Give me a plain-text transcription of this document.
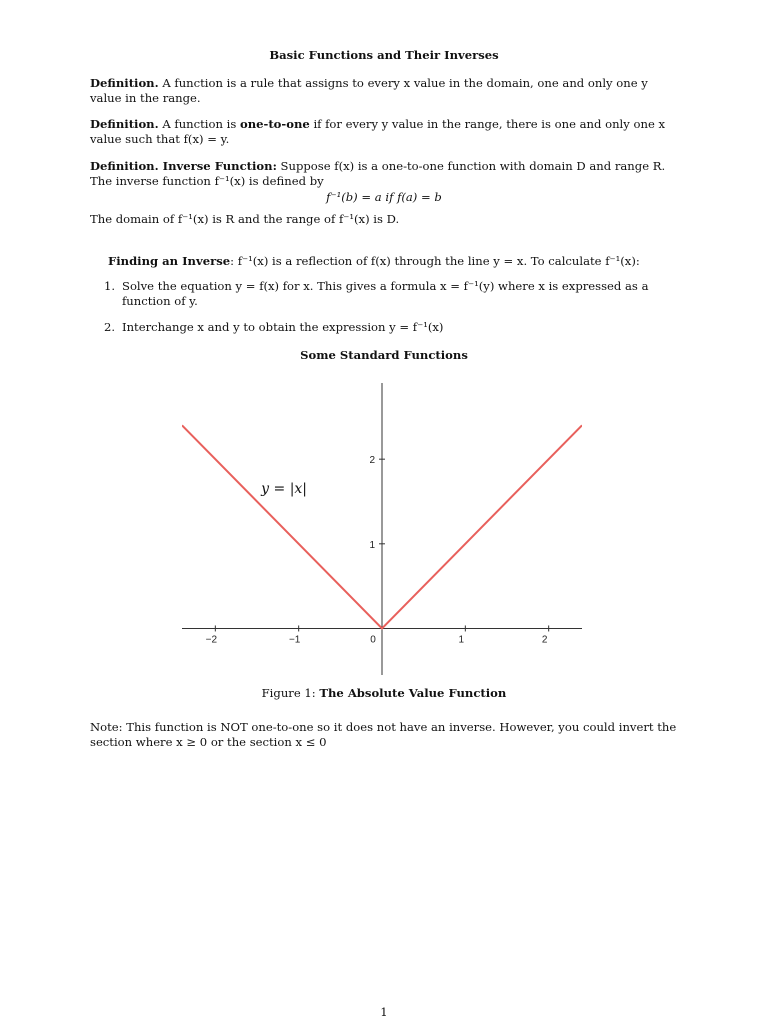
Basic Functions and Their Inverses

Definition. A function is a rule that assigns to every x value in the domain, one and only one y value in the range.

Definition. A function is one-to-one if for every y value in the range, there is one and only one x value such that f(x) = y.

Definition. Inverse Function: Suppose f(x) is a one-to-one function with domain D and range R. The inverse function f⁻¹(x) is defined by

f⁻¹(b) = a if f(a) = b

The domain of f⁻¹(x) is R and the range of f⁻¹(x) is D.

Finding an Inverse: f⁻¹(x) is a reflection of f(x) through the line y = x. To calculate f⁻¹(x):

1. Solve the equation y = f(x) for x. This gives a formula x = f⁻¹(y) where x is expressed as a function of y.
2. Interchange x and y to obtain the expression y = f⁻¹(x)
Some Standard Functions
−2	−1	0	1	2
1
2
y = |x|
Figure 1: The Absolute Value Function

Note: This function is NOT one-to-one so it does not have an inverse. However, you could invert the section where x ≥ 0 or the section x ≤ 0

1
